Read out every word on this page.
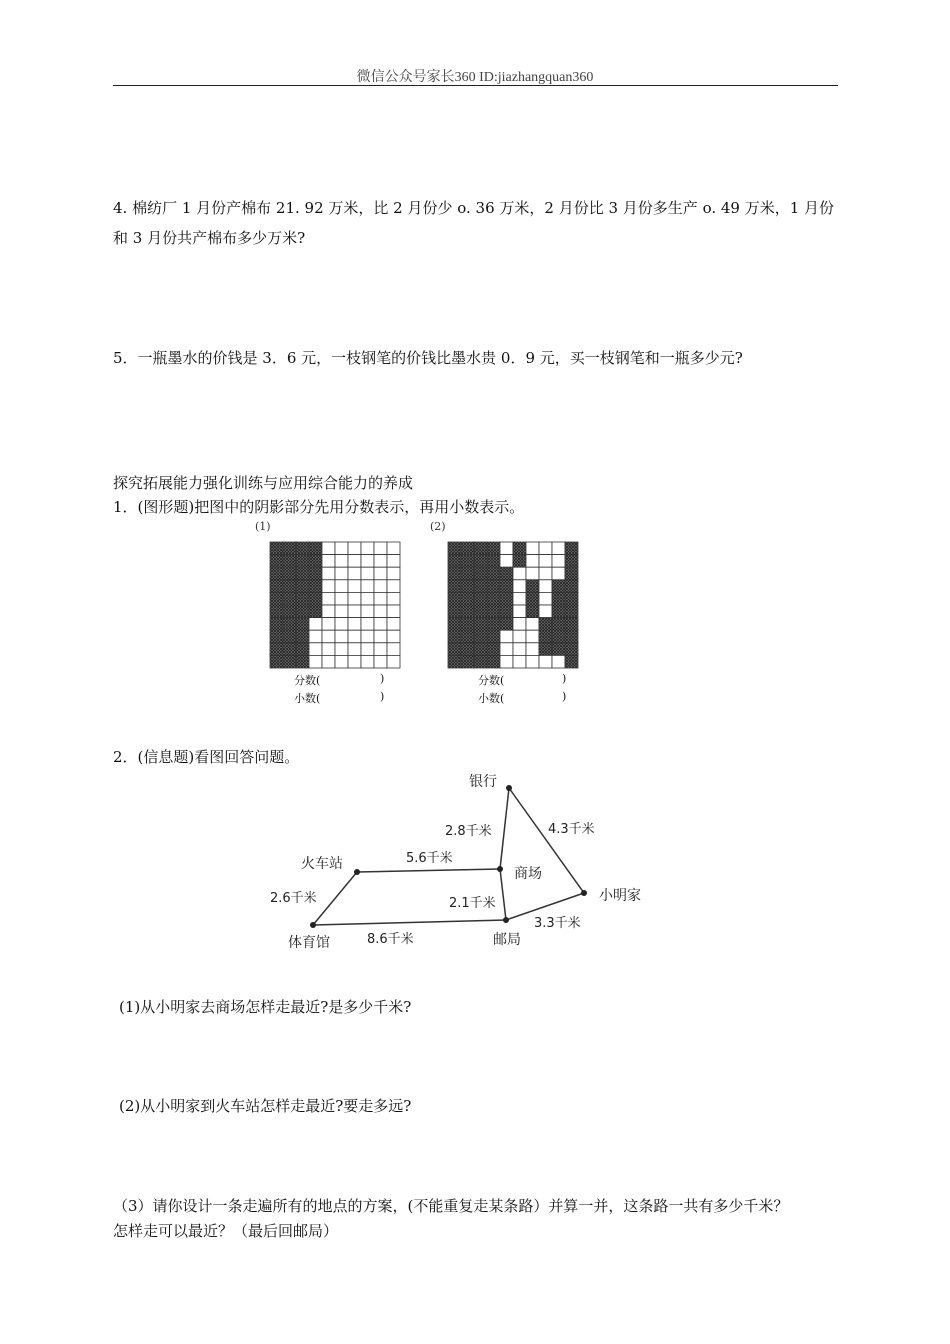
微信公众号家长360 ID:jiazhangquan360
4. 棉纺厂 1 月份产棉布 21. 92 万米，比 2 月份少 o. 36 万米，2 月份比 3 月份多生产 o. 49 万米，1 月份和 3 月份共产棉布多少万米?
5．一瓶墨水的价钱是 3．6 元，一枝钢笔的价钱比墨水贵 0．9 元，买一枝钢笔和一瓶多少元?
探究拓展能力强化训练与应用综合能力的养成
1．(图形题)把图中的阴影部分先用分数表示，再用小数表示。
(1)
分数(	)
小数(	)
(2)
分数(	)
小数(	)
2．(信息题)看图回答问题。
银行
火车站
商场
小明家
体育馆	邮局
2.8千米	4.3千米
5.6千米
2.6千米	2.1千米
8.6千米
3.3千米
(1)从小明家去商场怎样走最近?是多少千米?
(2)从小明家到火车站怎样走最近?要走多远?
（3）请你设计一条走遍所有的地点的方案，(不能重复走某条路）并算一并，这条路一共有多少千米？
怎样走可以最近？（最后回邮局）
